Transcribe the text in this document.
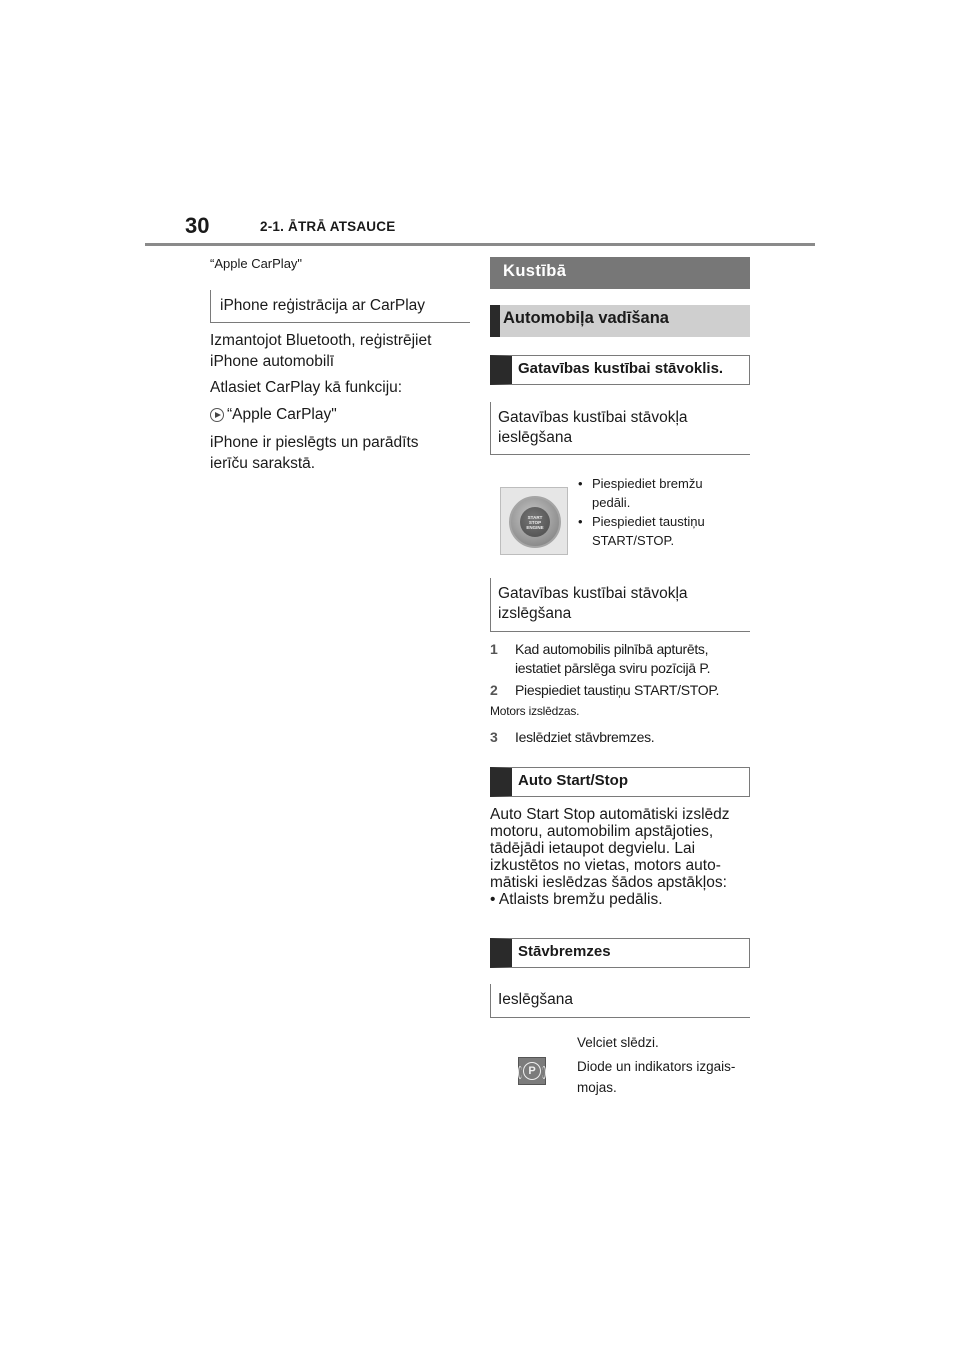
30	2-1. ĀTRĀ ATSAUCE
“Apple CarPlay"
iPhone reģistrācija ar CarPlay
Izmantojot Bluetooth, reģistrējiet
iPhone automobilī
Atlasiet CarPlay kā funkciju:
“Apple CarPlay"
iPhone ir pieslēgts un parādīts
ierīču sarakstā.
Kustībā
Automobiļa vadīšana
Gatavības kustībai stāvoklis.
Gatavības kustībai stāvokļa
ieslēgšana
START
STOP
ENGINE
• Piespiediet bremžu
pedāli.
• Piespiediet taustiņu
START/STOP.
Gatavības kustībai stāvokļa
izslēgšana
1 Kad automobilis pilnībā apturēts,
iestatiet pārslēga sviru pozīcijā P.
2 Piespiediet taustiņu START/STOP.
Motors izslēdzas.
3 Ieslēdziet stāvbremzes.
Auto Start/Stop
Auto Start Stop automātiski izslēdz
motoru, automobilim apstājoties,
tādējādi ietaupot degvielu. Lai
izkustētos no vietas, motors auto-
mātiski ieslēdzas šādos apstākļos:
• Atlaists bremžu pedālis.
Stāvbremzes
Ieslēgšana
P

Velciet slēdzi.

Diode un indikators izgais-

mojas.
